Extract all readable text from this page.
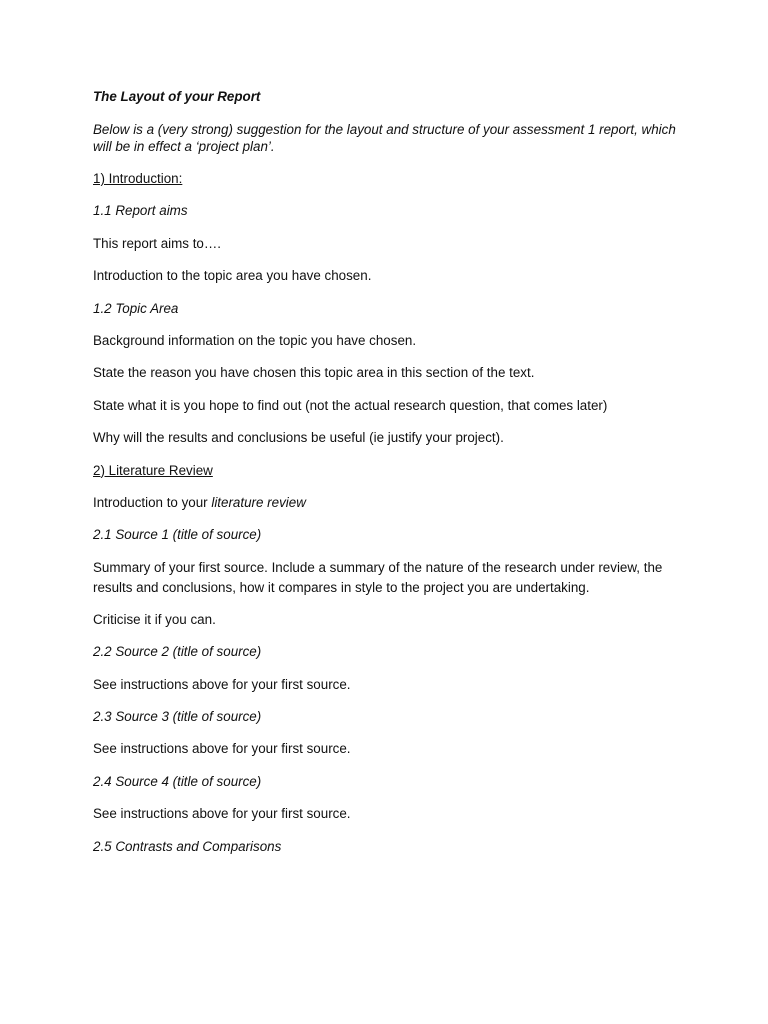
The Layout of your Report

Below is a (very strong) suggestion for the layout and structure of your assessment 1 report, which will be in effect a ‘project plan’.

1) Introduction:

1.1 Report aims

This report aims to….

Introduction to the topic area you have chosen.

1.2 Topic Area

Background information on the topic you have chosen.

State the reason you have chosen this topic area in this section of the text.

State what it is you hope to find out (not the actual research question, that comes later)

Why will the results and conclusions be useful (ie justify your project).

2) Literature Review

Introduction to your literature review

2.1 Source 1 (title of source)

Summary of your first source. Include a summary of the nature of the research under review, the results and conclusions, how it compares in style to the project you are undertaking.

Criticise it if you can.

2.2 Source 2 (title of source)

See instructions above for your first source.

2.3 Source 3 (title of source)

See instructions above for your first source.

2.4 Source 4 (title of source)

See instructions above for your first source.

2.5 Contrasts and Comparisons
